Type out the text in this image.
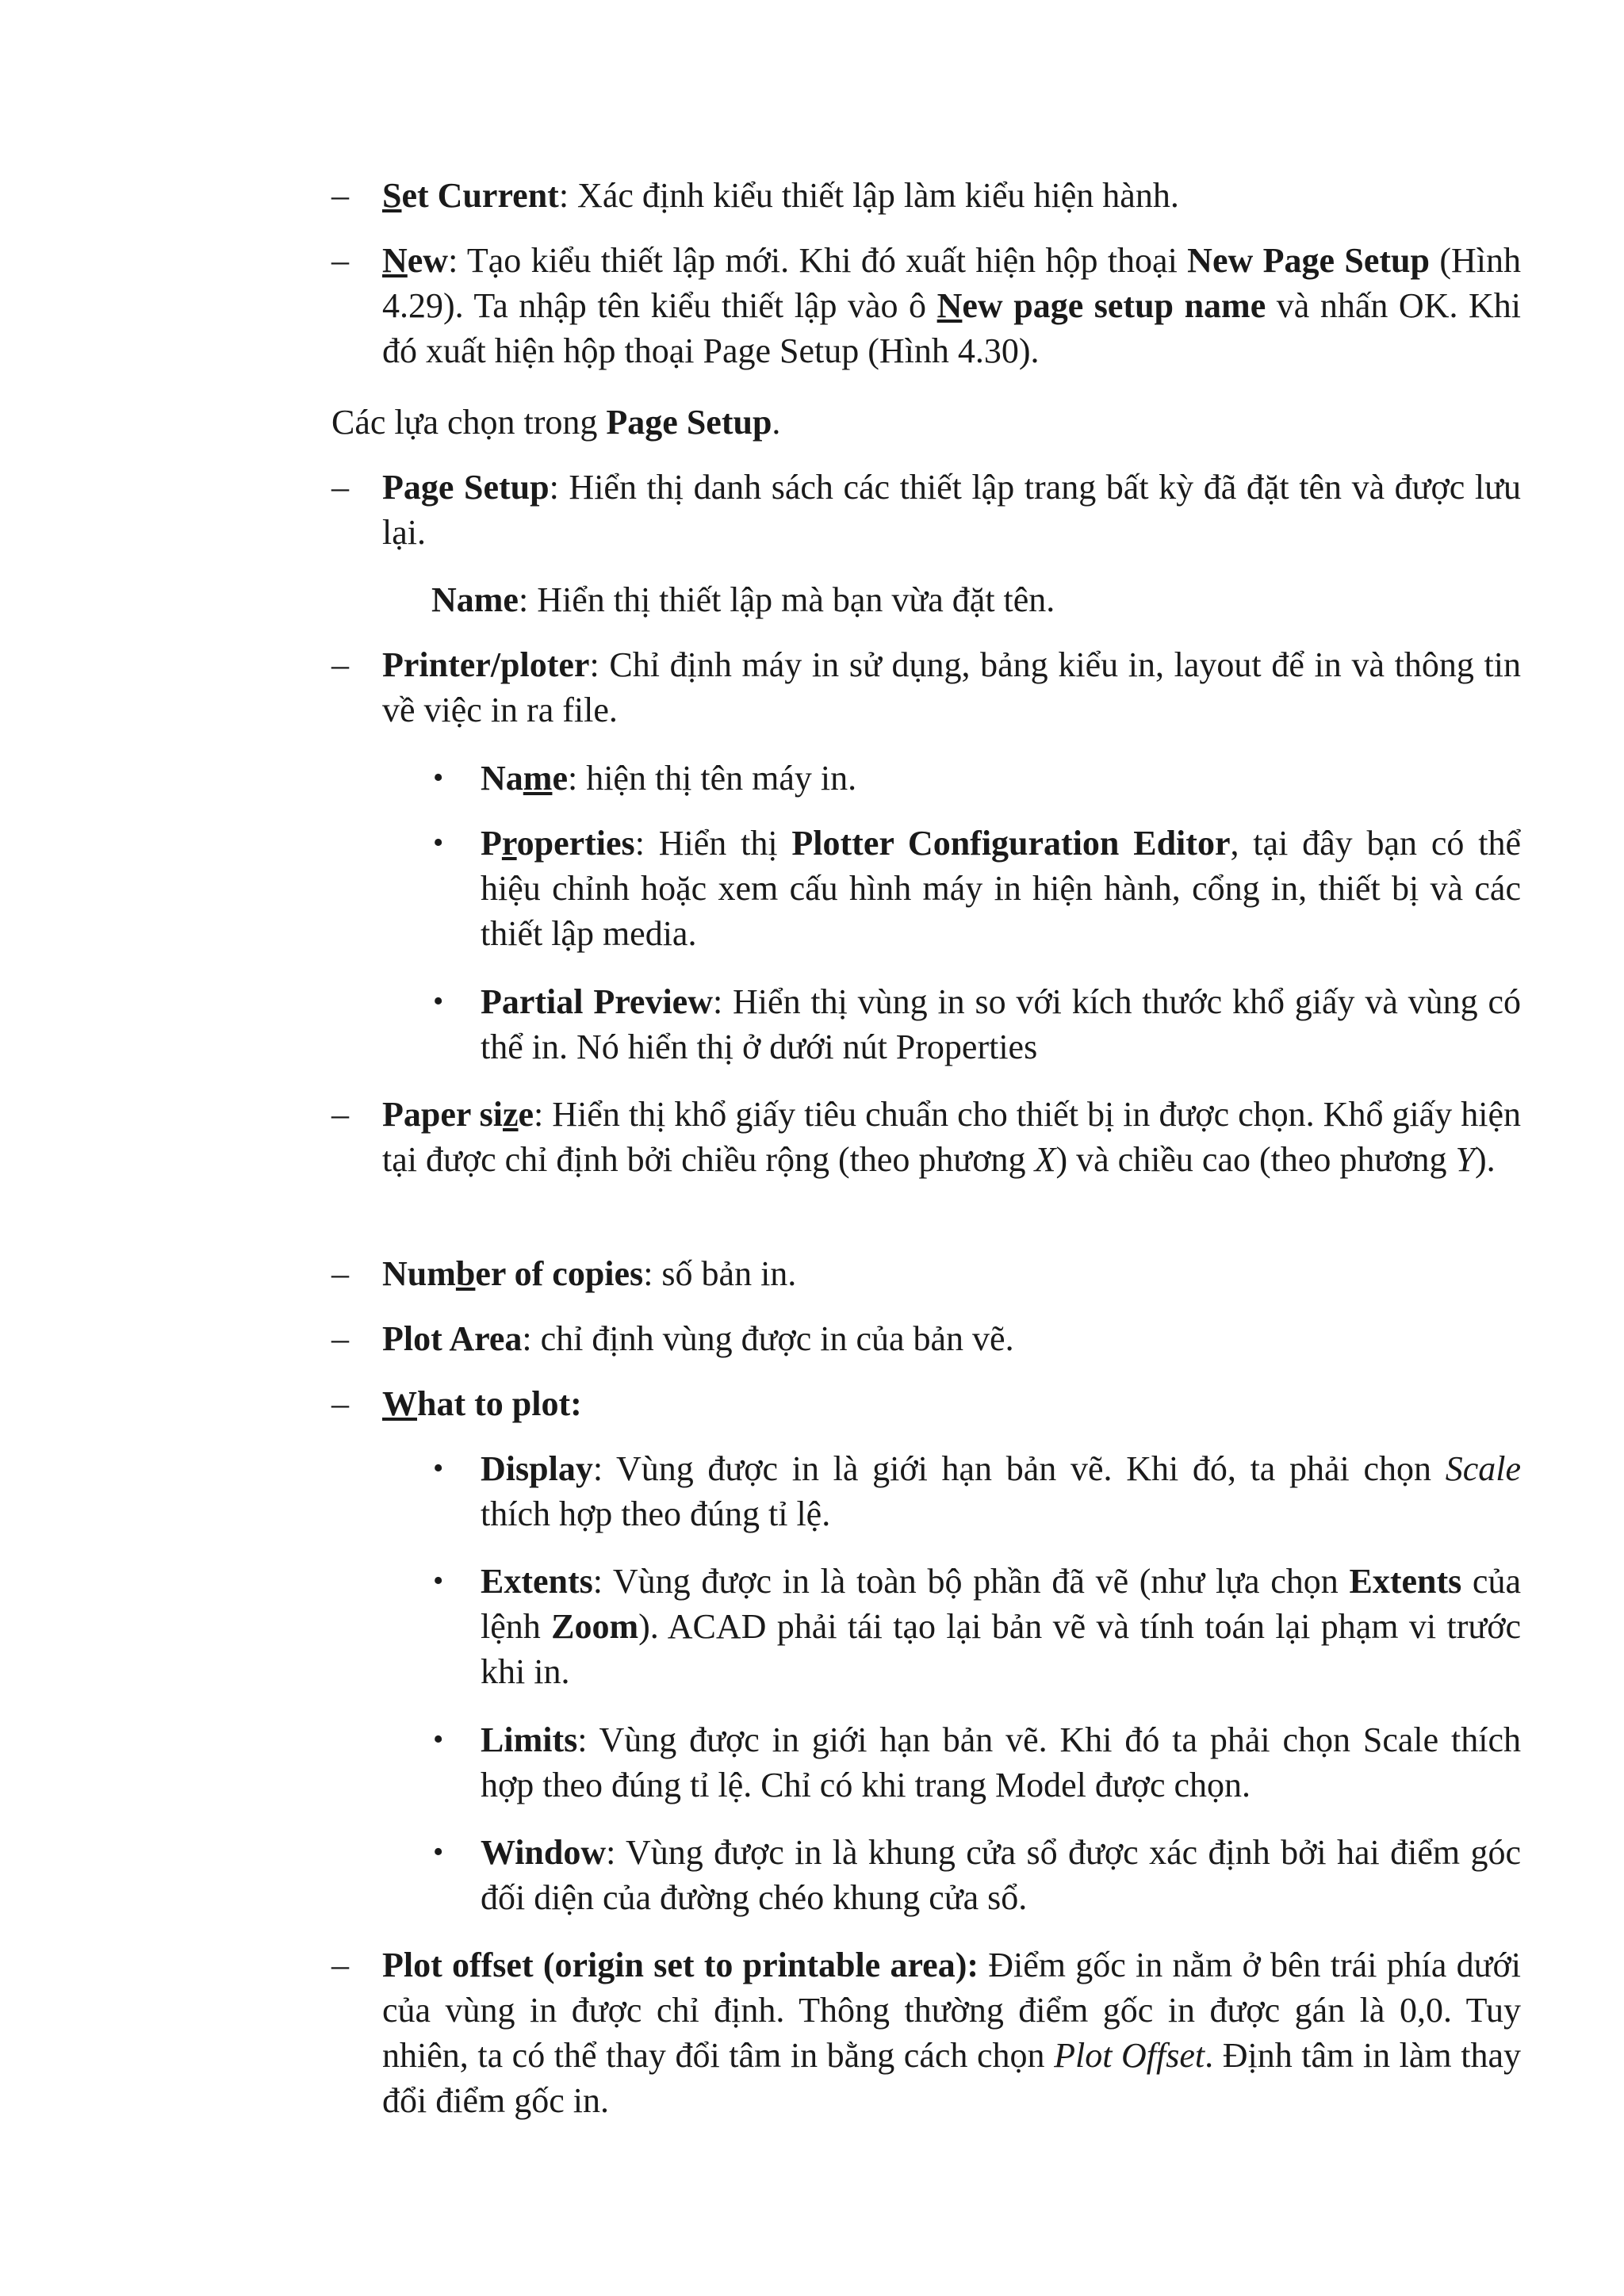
– Set Current: Xác định kiểu thiết lập làm kiểu hiện hành.
– New: Tạo kiểu thiết lập mới. Khi đó xuất hiện hộp thoại New Page Setup (Hình 4.29). Ta nhập tên kiểu thiết lập vào ô New page setup name và nhấn OK. Khi đó xuất hiện hộp thoại Page Setup (Hình 4.30).
Các lựa chọn trong Page Setup.
– Page Setup: Hiển thị danh sách các thiết lập trang bất kỳ đã đặt tên và được lưu lại.
Name: Hiển thị thiết lập mà bạn vừa đặt tên.
– Printer/ploter: Chỉ định máy in sử dụng, bảng kiểu in, layout để in và thông tin về việc in ra file.
• Name: hiện thị tên máy in.
• Properties: Hiển thị Plotter Configuration Editor, tại đây bạn có thể hiệu chỉnh hoặc xem cấu hình máy in hiện hành, cổng in, thiết bị và các thiết lập media.
• Partial Preview: Hiển thị vùng in so với kích thước khổ giấy và vùng có thể in. Nó hiển thị ở dưới nút Properties
– Paper size: Hiển thị khổ giấy tiêu chuẩn cho thiết bị in được chọn. Khổ giấy hiện tại được chỉ định bởi chiều rộng (theo phương X) và chiều cao (theo phương Y).
– Number of copies: số bản in.
– Plot Area: chỉ định vùng được in của bản vẽ.
– What to plot:
• Display: Vùng được in là giới hạn bản vẽ. Khi đó, ta phải chọn Scale thích hợp theo đúng tỉ lệ.
• Extents: Vùng được in là toàn bộ phần đã vẽ (như lựa chọn Extents của lệnh Zoom). ACAD phải tái tạo lại bản vẽ và tính toán lại phạm vi trước khi in.
• Limits: Vùng được in giới hạn bản vẽ. Khi đó ta phải chọn Scale thích hợp theo đúng tỉ lệ. Chỉ có khi trang Model được chọn.
• Window: Vùng được in là khung cửa sổ được xác định bởi hai điểm góc đối diện của đường chéo khung cửa sổ.
– Plot offset (origin set to printable area): Điểm gốc in nằm ở bên trái phía dưới của vùng in được chỉ định. Thông thường điểm gốc in được gán là 0,0. Tuy nhiên, ta có thể thay đổi tâm in bằng cách chọn Plot Offset. Định tâm in làm thay đổi điểm gốc in.
